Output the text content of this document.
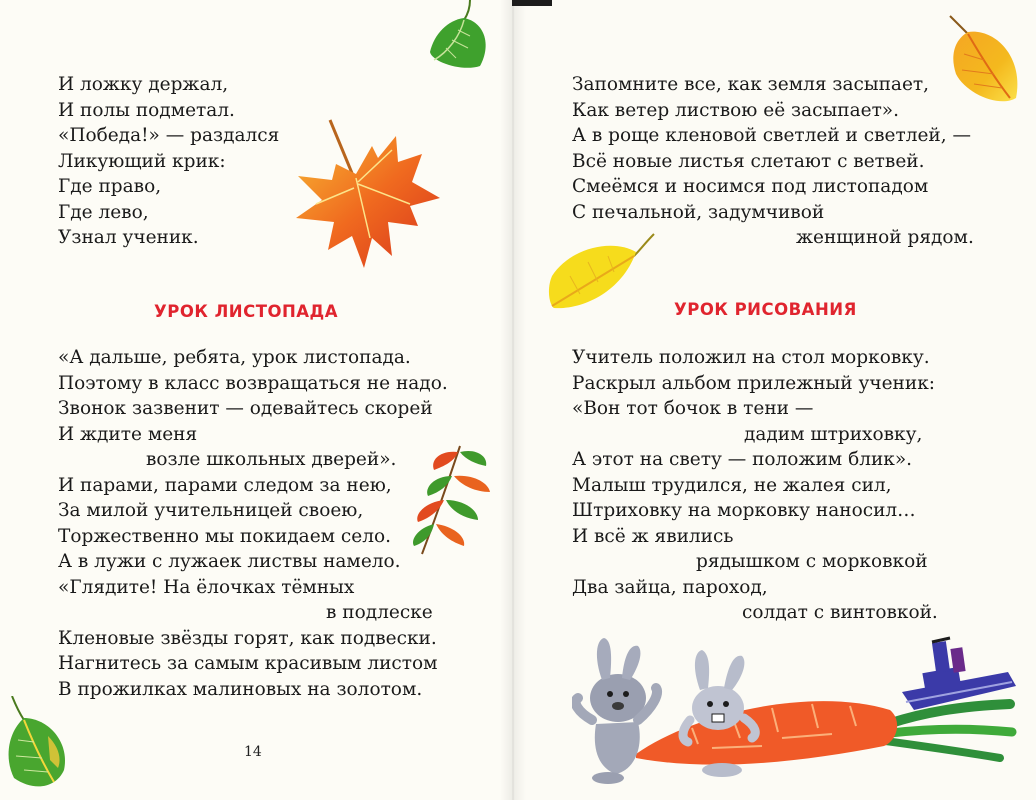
И ложку держал,
И полы подметал.
«Победа!» — раздался
Ликующий крик:
Где право,
Где лево,
Узнал ученик.
УРОК ЛИСТОПАДА
«А дальше, ребята, урок листопада.
Поэтому в класс возвращаться не надо.
Звонок зазвенит — одевайтесь скорей
И ждите меня
возле школьных дверей».
И парами, парами следом за нею,
За милой учительницей своею,
Торжественно мы покидаем село.
А в лужи с лужаек листвы намело.
«Глядите! На ёлочках тёмных
в подлеске
Кленовые звёзды горят, как подвески.
Нагнитесь за самым красивым листом
В прожилках малиновых на золотом.
14
Запомните все, как земля засыпает,
Как ветер листвою её засыпает».
А в роще кленовой светлей и светлей, —
Всё новые листья слетают с ветвей.
Смеёмся и носимся под листопадом
С печальной, задумчивой
женщиной рядом.
УРОК РИСОВАНИЯ
Учитель положил на стол морковку.
Раскрыл альбом прилежный ученик:
«Вон тот бочок в тени —
дадим штриховку,
А этот на свету — положим блик».
Малыш трудился, не жалея сил,
Штриховку на морковку наносил…
И всё ж явились
рядышком с морковкой
Два зайца, пароход,
солдат с винтовкой.
